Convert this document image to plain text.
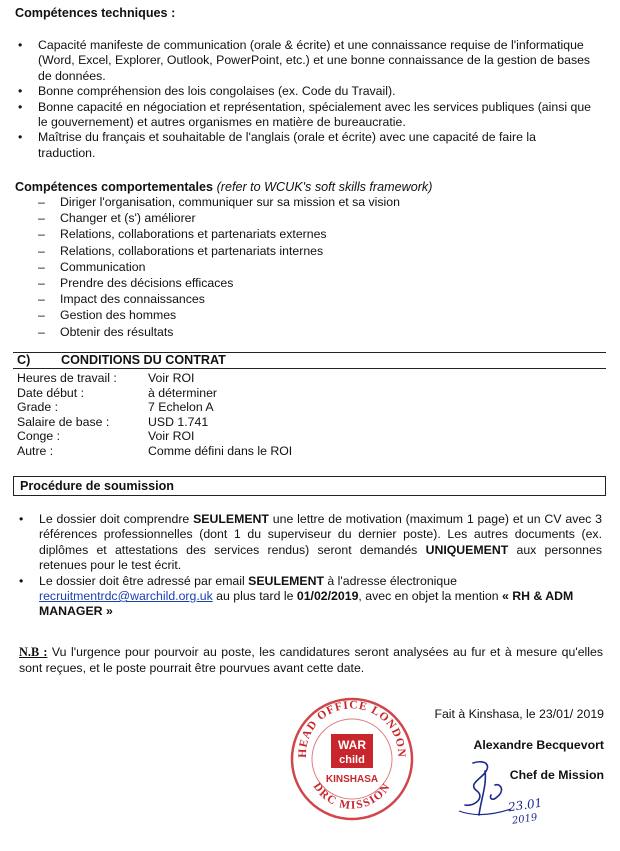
Compétences techniques :
• Capacité manifeste de communication (orale & écrite) et une connaissance requise de l'informatique (Word, Excel, Explorer, Outlook, PowerPoint, etc.) et une bonne connaissance de la gestion de bases de données.
• Bonne compréhension des lois congolaises (ex. Code du Travail).
• Bonne capacité en négociation et représentation, spécialement avec les services publiques (ainsi que le gouvernement) et autres organismes en matière de bureaucratie.
• Maîtrise du français et souhaitable de l'anglais (orale et écrite) avec une capacité de faire la traduction.
Compétences comportementales (refer to WCUK's soft skills framework)
– Diriger l'organisation, communiquer sur sa mission et sa vision
– Changer et (s') améliorer
– Relations, collaborations et partenariats externes
– Relations, collaborations et partenariats internes
– Communication
– Prendre des décisions efficaces
– Impact des connaissances
– Gestion des hommes
– Obtenir des résultats
C) CONDITIONS DU CONTRAT
Heures de travail :	Voir ROI
Date début :	à déterminer
Grade :	7 Echelon A
Salaire de base :	USD 1.741
Conge :	Voir ROI
Autre :	Comme défini dans le ROI
Procédure de soumission
• Le dossier doit comprendre SEULEMENT une lettre de motivation (maximum 1 page) et un CV avec 3 références professionnelles (dont 1 du superviseur du dernier poste). Les autres documents (ex. diplômes et attestations des services rendus) seront demandés UNIQUEMENT aux personnes retenues pour le test écrit.
• Le dossier doit être adressé par email SEULEMENT à l'adresse électronique
recruitmentrdc@warchild.org.uk au plus tard le 01/02/2019, avec en objet la mention « RH & ADM MANAGER »
N.B : Vu l'urgence pour pourvoir au poste, les candidatures seront analysées au fur et à mesure qu'elles sont reçues, et le poste pourrait être pourvues avant cette date.
Fait à Kinshasa, le 23/01/ 2019
Alexandre Becquevort
Chef de Mission
23.01
2019
HEAD OFFICE LONDON
DRC MISSION
WAR
child
KINSHASA
